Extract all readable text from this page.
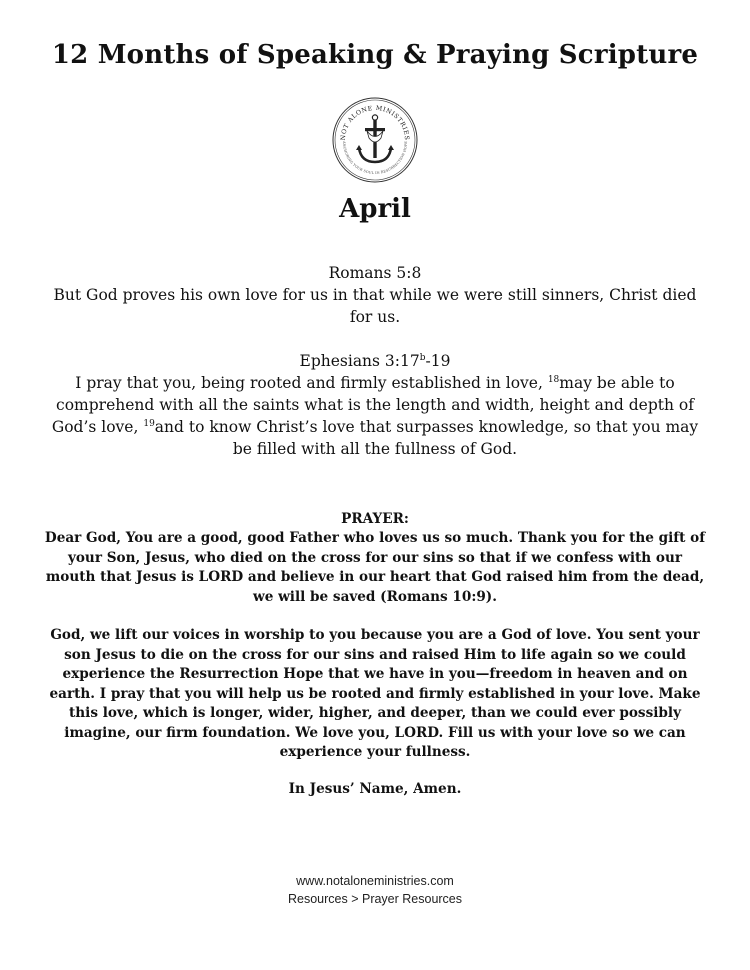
12 Months of Speaking & Praying Scripture
NOT ALONE MINISTRIES
ANCHORING YOUR SOUL IN RESURRECTION HOPE
April
Romans 5:8
But God proves his own love for us in that while we were still sinners, Christ died for us.
Ephesians 3:17$^b$-19
I pray that you, being rooted and firmly established in love, $^{18}$may be able to comprehend with all the saints what is the length and width, height and depth of God’s love, $^{19}$and to know Christ’s love that surpasses knowledge, so that you may be filled with all the fullness of God.
PRAYER:
Dear God, You are a good, good Father who loves us so much. Thank you for the gift of your Son, Jesus, who died on the cross for our sins so that if we confess with our mouth that Jesus is LORD and believe in our heart that God raised him from the dead, we will be saved (Romans 10:9).
God, we lift our voices in worship to you because you are a God of love. You sent your son Jesus to die on the cross for our sins and raised Him to life again so we could experience the Resurrection Hope that we have in you—freedom in heaven and on earth. I pray that you will help us be rooted and firmly established in your love. Make this love, which is longer, wider, higher, and deeper, than we could ever possibly imagine, our firm foundation. We love you, LORD. Fill us with your love so we can experience your fullness.
In Jesus’ Name, Amen.
www.notaloneministries.com
Resources > Prayer Resources
